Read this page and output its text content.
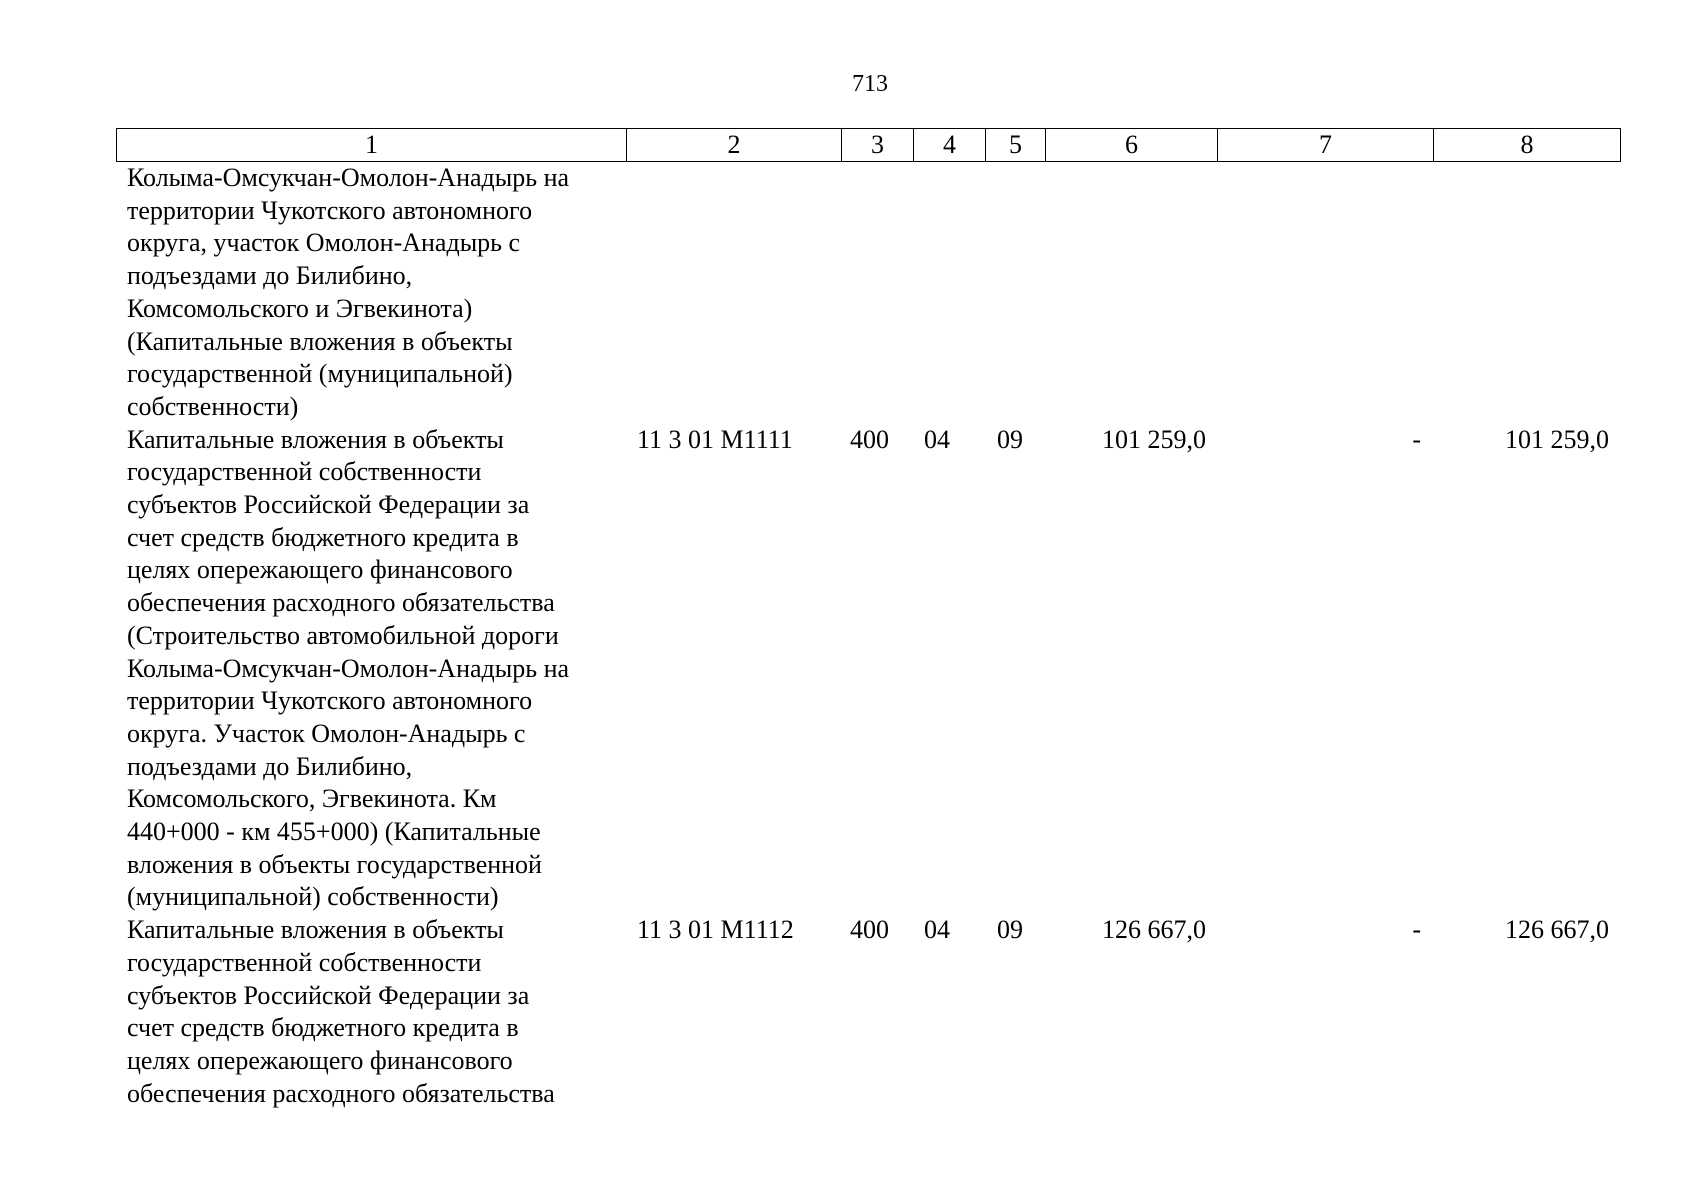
713
1	2	3	4	5	6	7	8
Колыма-Омсукчан-Омолон-Анадырь на
территории Чукотского автономного
округа, участок Омолон-Анадырь с
подъездами до Билибино,
Комсомольского и Эгвекинота)
(Капитальные вложения в объекты
государственной (муниципальной)
собственности)
Капитальные вложения в объекты
государственной собственности
субъектов Российской Федерации за
счет средств бюджетного кредита в
целях опережающего финансового
обеспечения расходного обязательства
(Строительство автомобильной дороги
Колыма-Омсукчан-Омолон-Анадырь на
территории Чукотского автономного
округа. Участок Омолон-Анадырь с
подъездами до Билибино,
Комсомольского, Эгвекинота. Км
440+000 - км 455+000) (Капитальные
вложения в объекты государственной
(муниципальной) собственности)
11 3 01 М1111	400	04	09	101 259,0	-	101 259,0
Капитальные вложения в объекты
государственной собственности
субъектов Российской Федерации за
счет средств бюджетного кредита в
целях опережающего финансового
обеспечения расходного обязательства
11 3 01 М1112	400	04	09	126 667,0	-	126 667,0
